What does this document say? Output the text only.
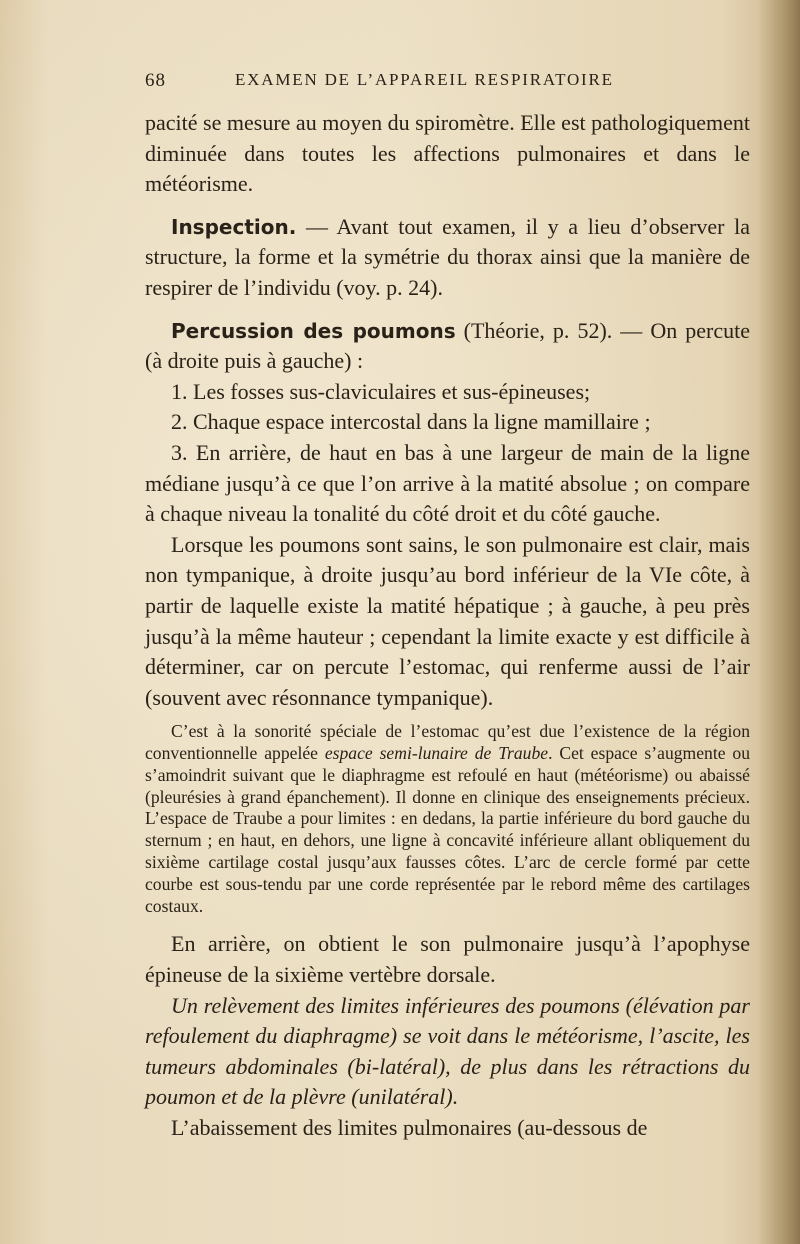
68	EXAMEN DE L’APPAREIL RESPIRATOIRE

pacité se mesure au moyen du spiromètre. Elle est pathologiquement diminuée dans toutes les affections pulmonaires et dans le météorisme.

Inspection. — Avant tout examen, il y a lieu d’observer la structure, la forme et la symétrie du thorax ainsi que la manière de respirer de l’individu (voy. p. 24).

Percussion des poumons (Théorie, p. 52). — On percute (à droite puis à gauche) :

1. Les fosses sus-claviculaires et sus-épineuses;

2. Chaque espace intercostal dans la ligne mamillaire ;

3. En arrière, de haut en bas à une largeur de main de la ligne médiane jusqu’à ce que l’on arrive à la matité absolue ; on compare à chaque niveau la tonalité du côté droit et du côté gauche.

Lorsque les poumons sont sains, le son pulmonaire est clair, mais non tympanique, à droite jusqu’au bord inférieur de la VIe côte, à partir de laquelle existe la matité hépatique ; à gauche, à peu près jusqu’à la même hauteur ; cependant la limite exacte y est difficile à déterminer, car on percute l’estomac, qui renferme aussi de l’air (souvent avec résonnance tympanique).

C’est à la sonorité spéciale de l’estomac qu’est due l’existence de la région conventionnelle appelée espace semi-lunaire de Traube. Cet espace s’augmente ou s’amoindrit suivant que le diaphragme est refoulé en haut (météorisme) ou abaissé (pleurésies à grand épanchement). Il donne en clinique des enseignements précieux. L’espace de Traube a pour limites : en dedans, la partie inférieure du bord gauche du sternum ; en haut, en dehors, une ligne à concavité inférieure allant obliquement du sixième cartilage costal jusqu’aux fausses côtes. L’arc de cercle formé par cette courbe est sous-tendu par une corde représentée par le rebord même des cartilages costaux.

En arrière, on obtient le son pulmonaire jusqu’à l’apophyse épineuse de la sixième vertèbre dorsale.

Un relèvement des limites inférieures des poumons (élévation par refoulement du diaphragme) se voit dans le météorisme, l’ascite, les tumeurs abdominales (bi-latéral), de plus dans les rétractions du poumon et de la plèvre (unilatéral).

L’abaissement des limites pulmonaires (au-dessous de
